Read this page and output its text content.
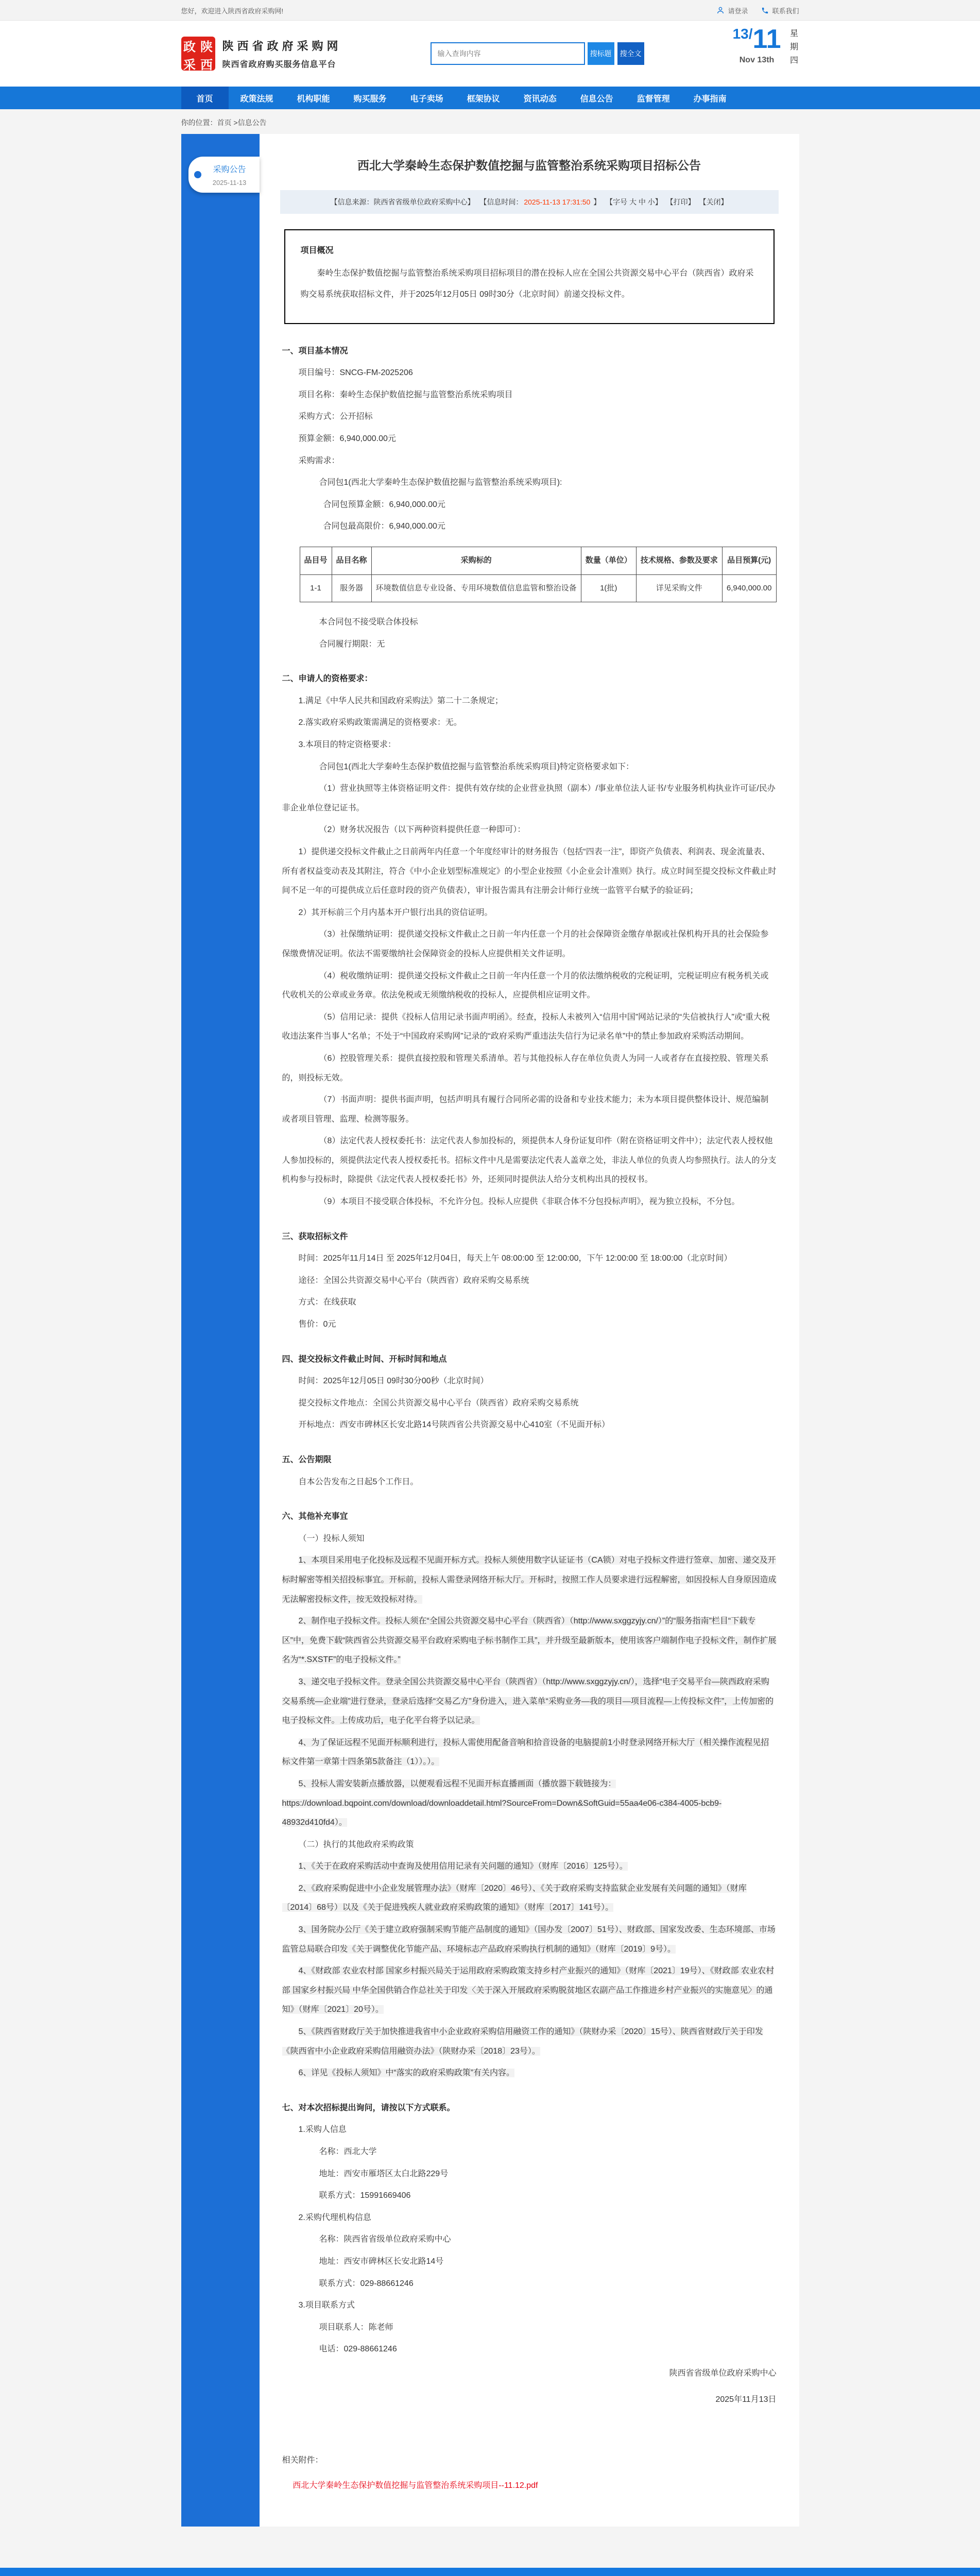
您好，欢迎进入陕西省政府采购网!	请登录	联系我们
政 陕
采 西
陕西省政府采购网
陕西省政府购买服务信息平台
输入查询内容
搜标题	搜全文
13/11
Nov 13th	星期四
首页	政策法规	机构职能	购买服务	电子卖场	框架协议	资讯动态	信息公告	监督管理	办事指南
你的位置：首页 >信息公告
采购公告
2025-11-13
西北大学秦岭生态保护数值挖掘与监管整治系统采购项目招标公告
【信息来源：陕西省省级单位政府采购中心】 【信息时间： 2025-11-13 17:31:50 】 【字号 大 中 小】 【打印】 【关闭】
项目概况

秦岭生态保护数值挖掘与监管整治系统采购项目招标项目的潜在投标人应在全国公共资源交易中心平台（陕西省）政府采购交易系统获取招标文件，并于2025年12月05日 09时30分（北京时间）前递交投标文件。

一、项目基本情况
项目编号：SNCG-FM-2025206
项目名称：秦岭生态保护数值挖掘与监管整治系统采购项目
采购方式：公开招标
预算金额：6,940,000.00元
采购需求：
合同包1(西北大学秦岭生态保护数值挖掘与监管整治系统采购项目):
合同包预算金额：6,940,000.00元
合同包最高限价：6,940,000.00元
品目号	品目名称	采购标的	数量（单位）	技术规格、参数及要求	品目预算(元)
1-1	服务器	环境数值信息专业设备、专用环境数值信息监管和整治设备	1(批)	详见采购文件	6,940,000.00
本合同包不接受联合体投标
合同履行期限：无
二、申请人的资格要求：
1.满足《中华人民共和国政府采购法》第二十二条规定；
2.落实政府采购政策需满足的资格要求：无。
3.本项目的特定资格要求：
合同包1(西北大学秦岭生态保护数值挖掘与监管整治系统采购项目)特定资格要求如下：
（1）营业执照等主体资格证明文件：提供有效存续的企业营业执照（副本）/事业单位法人证书/专业服务机构执业许可证/民办非企业单位登记证书。
（2）财务状况报告（以下两种资料提供任意一种即可）：
1）提供递交投标文件截止之日前两年内任意一个年度经审计的财务报告（包括“四表一注”，即资产负债表、利润表、现金流量表、所有者权益变动表及其附注，符合《中小企业划型标准规定》的小型企业按照《小企业会计准则》执行。成立时间至提交投标文件截止时间不足一年的可提供成立后任意时段的资产负债表），审计报告需具有注册会计师行业统一监管平台赋予的验证码；
2）其开标前三个月内基本开户银行出具的资信证明。
（3）社保缴纳证明：提供递交投标文件截止之日前一年内任意一个月的社会保障资金缴存单据或社保机构开具的社会保险参保缴费情况证明。依法不需要缴纳社会保障资金的投标人应提供相关文件证明。
（4）税收缴纳证明：提供递交投标文件截止之日前一年内任意一个月的依法缴纳税收的完税证明，完税证明应有税务机关或代收机关的公章或业务章。依法免税或无须缴纳税收的投标人，应提供相应证明文件。
（5）信用记录：提供《投标人信用记录书面声明函》。经查，投标人未被列入“信用中国”网站记录的“失信被执行人”或“重大税收违法案件当事人”名单；不处于“中国政府采购网”记录的“政府采购严重违法失信行为记录名单”中的禁止参加政府采购活动期间。
（6）控股管理关系：提供直接控股和管理关系清单。若与其他投标人存在单位负责人为同一人或者存在直接控股、管理关系的，则投标无效。
（7）书面声明：提供书面声明，包括声明具有履行合同所必需的设备和专业技术能力；未为本项目提供整体设计、规范编制或者项目管理、监理、检测等服务。
（8）法定代表人授权委托书：法定代表人参加投标的，须提供本人身份证复印件（附在资格证明文件中）；法定代表人授权他人参加投标的，须提供法定代表人授权委托书。招标文件中凡是需要法定代表人盖章之处，非法人单位的负责人均参照执行。法人的分支机构参与投标时，除提供《法定代表人授权委托书》外，还须同时提供法人给分支机构出具的授权书。
（9）本项目不接受联合体投标，不允许分包。投标人应提供《非联合体不分包投标声明》，视为独立投标，不分包。
三、获取招标文件
时间：2025年11月14日 至 2025年12月04日，每天上午 08:00:00 至 12:00:00，下午 12:00:00 至 18:00:00（北京时间）
途径：全国公共资源交易中心平台（陕西省）政府采购交易系统
方式：在线获取
售价：0元
四、提交投标文件截止时间、开标时间和地点
时间：2025年12月05日 09时30分00秒（北京时间）
提交投标文件地点：全国公共资源交易中心平台（陕西省）政府采购交易系统
开标地点：西安市碑林区长安北路14号陕西省公共资源交易中心410室（不见面开标）
五、公告期限
自本公告发布之日起5个工作日。
六、其他补充事宜
（一）投标人须知
1、本项目采用电子化投标及远程不见面开标方式。投标人须使用数字认证证书（CA锁）对电子投标文件进行签章、加密、递交及开标时解密等相关招投标事宜。开标前，投标人需登录网络开标大厅。开标时，按照工作人员要求进行远程解密，如因投标人自身原因造成无法解密投标文件，按无效投标对待。
2、制作电子投标文件。投标人须在“全国公共资源交易中心平台（陕西省）（http://www.sxggzyjy.cn/）”的“服务指南”栏目“下载专区”中，免费下载“陕西省公共资源交易平台政府采购电子标书制作工具”，并升级至最新版本，使用该客户端制作电子投标文件，制作扩展名为“*.SXSTF”的电子投标文件。”
3、递交电子投标文件。登录全国公共资源交易中心平台（陕西省）（http://www.sxggzyjy.cn/），选择“电子交易平台—陕西政府采购交易系统—企业端”进行登录，登录后选择“交易乙方”身份进入，进入菜单“采购业务—我的项目—项目流程—上传投标文件”，上传加密的电子投标文件。上传成功后，电子化平台将予以记录。
4、为了保证远程不见面开标顺利进行，投标人需使用配备音响和拾音设备的电脑提前1小时登录网络开标大厅（相关操作流程见招标文件第一章第十四条第5款备注（1））。）。
5、投标人需安装新点播放器，以便观看远程不见面开标直播画面（播放器下载链接为：https://download.bqpoint.com/download/downloaddetail.html?SourceFrom=Down&SoftGuid=55aa4e06-c384-4005-bcb9-48932d410fd4）。
（二）执行的其他政府采购政策
1、《关于在政府采购活动中查询及使用信用记录有关问题的通知》（财库〔2016〕125号）。
2、《政府采购促进中小企业发展管理办法》（财库〔2020〕46号）、《关于政府采购支持监狱企业发展有关问题的通知》（财库〔2014〕68号）以及《关于促进残疾人就业政府采购政策的通知》（财库〔2017〕141号）。
3、国务院办公厅《关于建立政府强制采购节能产品制度的通知》（国办发〔2007〕51号）、财政部、国家发改委、生态环境部、市场监管总局联合印发《关于调整优化节能产品、环境标志产品政府采购执行机制的通知》（财库〔2019〕9号）。
4、《财政部 农业农村部 国家乡村振兴局关于运用政府采购政策支持乡村产业振兴的通知》（财库〔2021〕19号）、《财政部 农业农村部 国家乡村振兴局 中华全国供销合作总社关于印发〈关于深入开展政府采购脱贫地区农副产品工作推进乡村产业振兴的实施意见〉的通知》（财库〔2021〕20号）。
5、《陕西省财政厅关于加快推进我省中小企业政府采购信用融资工作的通知》（陕财办采〔2020〕15号）、陕西省财政厅关于印发《陕西省中小企业政府采购信用融资办法》（陕财办采〔2018〕23号）。
6、详见《投标人须知》中“落实的政府采购政策”有关内容。
七、对本次招标提出询问，请按以下方式联系。
1.采购人信息
名称：西北大学
地址：西安市雁塔区太白北路229号
联系方式：15991669406
2.采购代理机构信息
名称：陕西省省级单位政府采购中心
地址：西安市碑林区长安北路14号
联系方式：029-88661246
3.项目联系方式
项目联系人：陈老师
电话：029-88661246
陕西省省级单位政府采购中心
2025年11月13日
相关附件：
西北大学秦岭生态保护数值挖掘与监管整治系统采购项目--11.12.pdf
